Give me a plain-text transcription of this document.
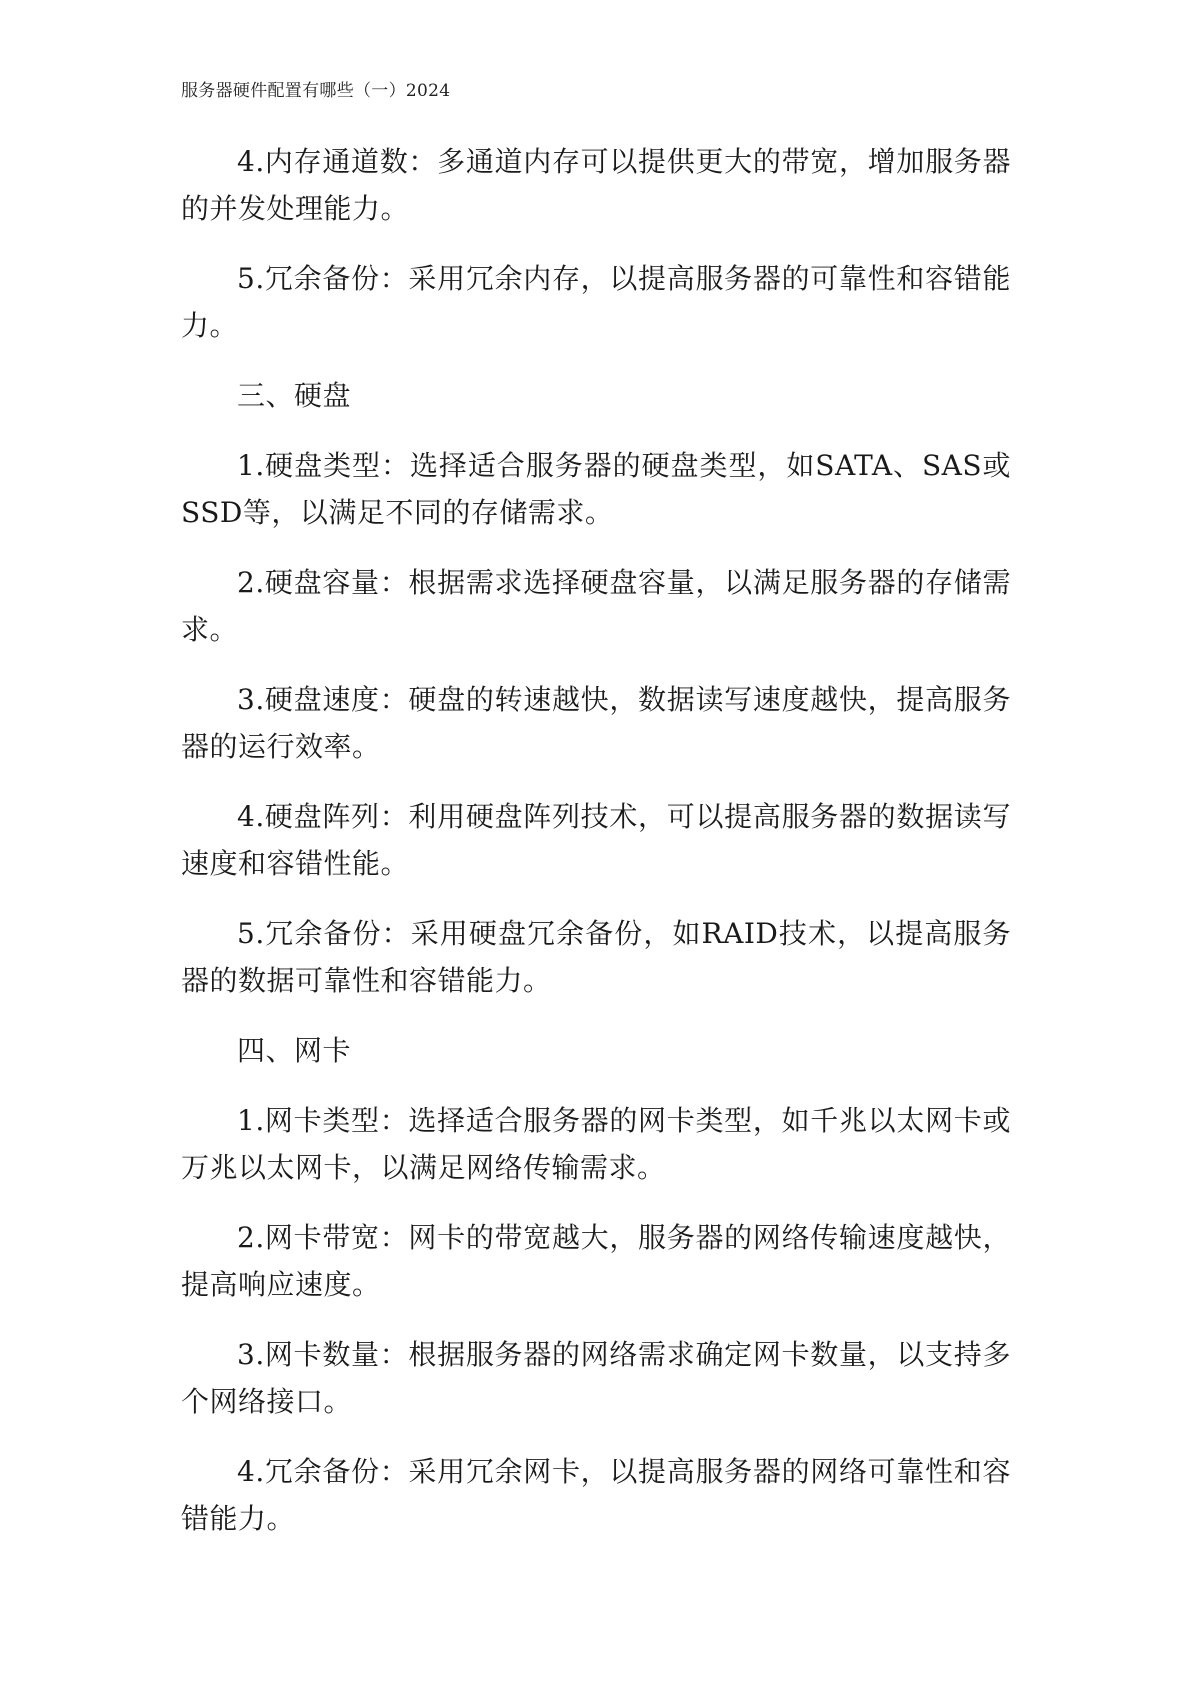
服务器硬件配置有哪些（一）2024

4.内存通道数：多通道内存可以提供更大的带宽，增加服务器的并发处理能力。

5.冗余备份：采用冗余内存，以提高服务器的可靠性和容错能力。

三、硬盘

1.硬盘类型：选择适合服务器的硬盘类型，如SATA、SAS或SSD等，以满足不同的存储需求。

2.硬盘容量：根据需求选择硬盘容量，以满足服务器的存储需求。

3.硬盘速度：硬盘的转速越快，数据读写速度越快，提高服务器的运行效率。

4.硬盘阵列：利用硬盘阵列技术，可以提高服务器的数据读写速度和容错性能。

5.冗余备份：采用硬盘冗余备份，如RAID技术，以提高服务器的数据可靠性和容错能力。

四、网卡

1.网卡类型：选择适合服务器的网卡类型，如千兆以太网卡或万兆以太网卡，以满足网络传输需求。

2.网卡带宽：网卡的带宽越大，服务器的网络传输速度越快，提高响应速度。

3.网卡数量：根据服务器的网络需求确定网卡数量，以支持多个网络接口。

4.冗余备份：采用冗余网卡，以提高服务器的网络可靠性和容错能力。
